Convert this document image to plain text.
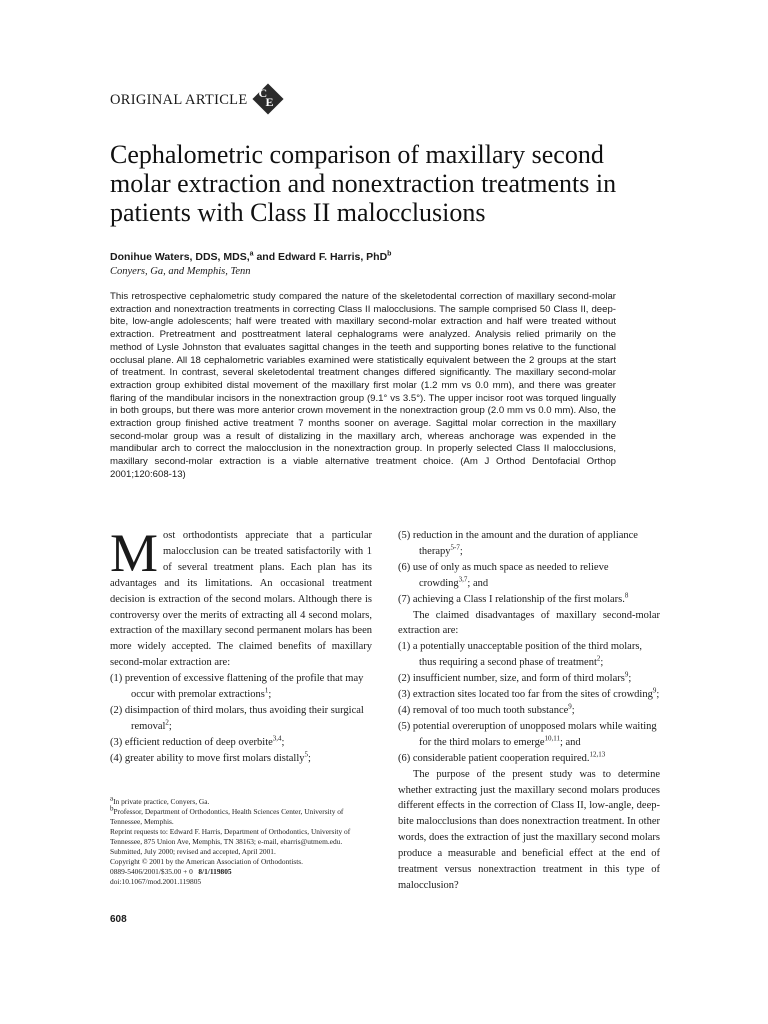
ORIGINAL ARTICLE C
E
Cephalometric comparison of maxillary second molar extraction and nonextraction treatments in patients with Class II malocclusions

Donihue Waters, DDS, MDS,$^a$ and Edward F. Harris, PhD$^b$

Conyers, Ga, and Memphis, Tenn

This retrospective cephalometric study compared the nature of the skeletodental correction of maxillary second-molar extraction and nonextraction treatments in correcting Class II malocclusions. The sample comprised 50 Class II, deep-bite, low-angle adolescents; half were treated with maxillary second-molar extraction and half were treated without extraction. Pretreatment and posttreatment lateral cephalograms were analyzed. Analysis relied primarily on the method of Lysle Johnston that evaluates sagittal changes in the teeth and supporting bones relative to the functional occlusal plane. All 18 cephalometric variables examined were statistically equivalent between the 2 groups at the start of treatment. In contrast, several skeletodental treatment changes differed significantly. The maxillary second-molar extraction group exhibited distal movement of the maxillary first molar (1.2 mm vs 0.0 mm), and there was greater flaring of the mandibular incisors in the nonextraction group (9.1° vs 3.5°). The upper incisor root was torqued lingually in both groups, but there was more anterior crown movement in the nonextraction group (2.0 mm vs 0.0 mm). Also, the extraction group finished active treatment 7 months sooner on average. Sagittal molar correction in the maxillary second-molar group was a result of distalizing in the maxillary arch, whereas anchorage was expended in the mandibular arch to correct the malocclusion in the nonextraction group. In properly selected Class II malocclusions, maxillary second-molar extraction is a viable alternative treatment choice. (Am J Orthod Dentofacial Orthop 2001;120:608-13)

Most orthodontists appreciate that a particular malocclusion can be treated satisfactorily with 1 of several treatment plans. Each plan has its advantages and its limitations. An occasional treatment decision is extraction of the second molars. Although there is controversy over the merits of extracting all 4 second molars, extraction of the maxillary second permanent molars has been more widely accepted. The claimed benefits of maxillary second-molar extraction are:

(1) prevention of excessive flattening of the profile that may occur with premolar extractions$^1$;
(2) disimpaction of third molars, thus avoiding their surgical removal$^2$;
(3) efficient reduction of deep overbite$^{3,4}$;
(4) greater ability to move first molars distally$^5$;

$^a$In private practice, Conyers, Ga.

$^b$Professor, Department of Orthodontics, Health Sciences Center, University of Tennessee, Memphis.

Reprint requests to: Edward F. Harris, Department of Orthodontics, University of Tennessee, 875 Union Ave, Memphis, TN 38163; e-mail, eharris@utmem.edu.

Submitted, July 2000; revised and accepted, April 2001.

Copyright © 2001 by the American Association of Orthodontists.

0889-5406/2001/$35.00 + 0 8/1/119805

doi:10.1067/mod.2001.119805

608

(5) reduction in the amount and the duration of appliance therapy$^{5-7}$;
(6) use of only as much space as needed to relieve crowding$^{3,7}$; and
(7) achieving a Class I relationship of the first molars.$^8$

The claimed disadvantages of maxillary second-molar extraction are:

(1) a potentially unacceptable position of the third molars, thus requiring a second phase of treatment$^2$;
(2) insufficient number, size, and form of third molars$^9$;
(3) extraction sites located too far from the sites of crowding$^9$;
(4) removal of too much tooth substance$^9$;
(5) potential overeruption of unopposed molars while waiting for the third molars to emerge$^{10,11}$; and
(6) considerable patient cooperation required.$^{12,13}$

The purpose of the present study was to determine whether extracting just the maxillary second molars produces different effects in the correction of Class II, low-angle, deep-bite malocclusions than does nonextraction treatment. In other words, does the extraction of just the maxillary second molars produce a measurable and beneficial effect at the end of treatment versus nonextraction treatment in this type of malocclusion?
